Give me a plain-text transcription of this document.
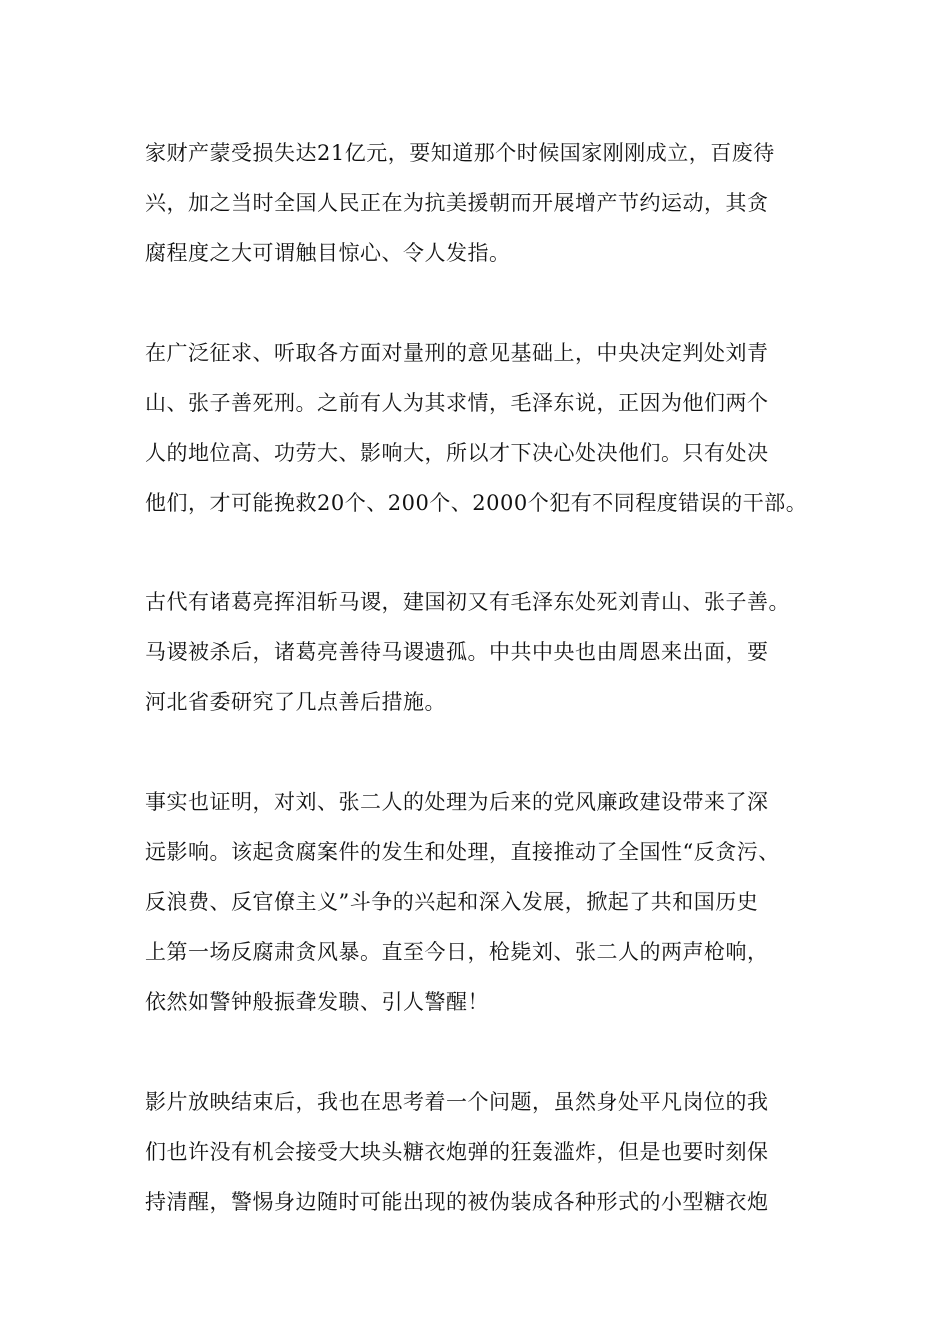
家财产蒙受损失达21亿元，要知道那个时候国家刚刚成立，百废待
兴，加之当时全国人民正在为抗美援朝而开展增产节约运动，其贪
腐程度之大可谓触目惊心、令人发指。

在广泛征求、听取各方面对量刑的意见基础上，中央决定判处刘青
山、张子善死刑。之前有人为其求情，毛泽东说，正因为他们两个
人的地位高、功劳大、影响大，所以才下决心处决他们。只有处决
他们，才可能挽救20个、200个、2000个犯有不同程度错误的干部。

古代有诸葛亮挥泪斩马谡，建国初又有毛泽东处死刘青山、张子善。
马谡被杀后，诸葛亮善待马谡遗孤。中共中央也由周恩来出面，要
河北省委研究了几点善后措施。

事实也证明，对刘、张二人的处理为后来的党风廉政建设带来了深
远影响。该起贪腐案件的发生和处理，直接推动了全国性“反贪污、
反浪费、反官僚主义”斗争的兴起和深入发展，掀起了共和国历史
上第一场反腐肃贪风暴。直至今日，枪毙刘、张二人的两声枪响，
依然如警钟般振聋发聩、引人警醒！

影片放映结束后，我也在思考着一个问题，虽然身处平凡岗位的我
们也许没有机会接受大块头糖衣炮弹的狂轰滥炸，但是也要时刻保
持清醒，警惕身边随时可能出现的被伪装成各种形式的小型糖衣炮
